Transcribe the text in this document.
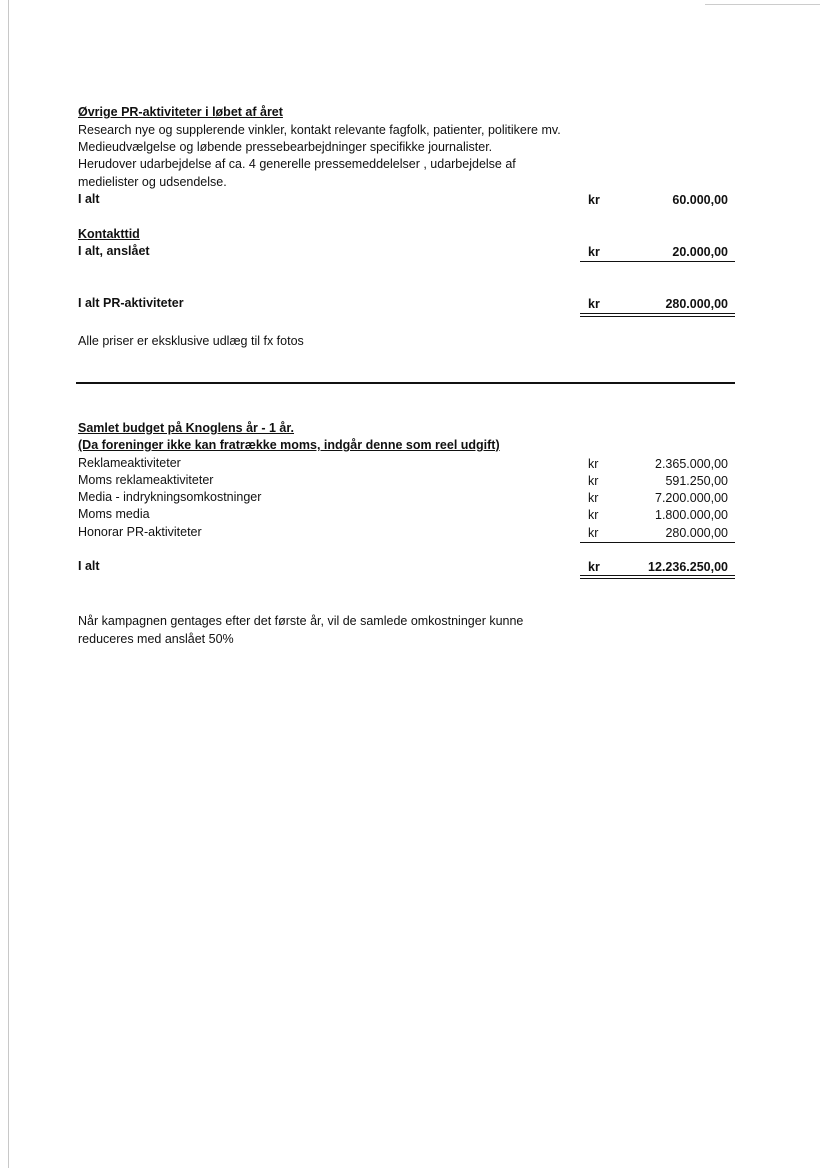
Øvrige PR-aktiviteter i løbet af året
Research nye og supplerende vinkler, kontakt relevante fagfolk, patienter, politikere mv.
Medieudvælgelse og løbende pressebearbejdninger specifikke journalister.
Herudover udarbejdelse af ca. 4 generelle pressemeddelelser , udarbejdelse af
medielister og udsendelse.
I alt	kr	60.000,00
Kontakttid
I alt, anslået	kr	20.000,00
I alt PR-aktiviteter	kr	280.000,00
Alle priser er eksklusive udlæg til fx fotos
Samlet budget på Knoglens år - 1 år.
(Da foreninger ikke kan fratrække moms, indgår denne som reel udgift)
Reklameaktiviteter	kr	2.365.000,00
Moms reklameaktiviteter	kr	591.250,00
Media - indrykningsomkostninger	kr	7.200.000,00
Moms media	kr	1.800.000,00
Honorar PR-aktiviteter	kr	280.000,00
I alt	kr	12.236.250,00
Når kampagnen gentages efter det første år, vil de samlede omkostninger kunne
reduceres med anslået 50%
